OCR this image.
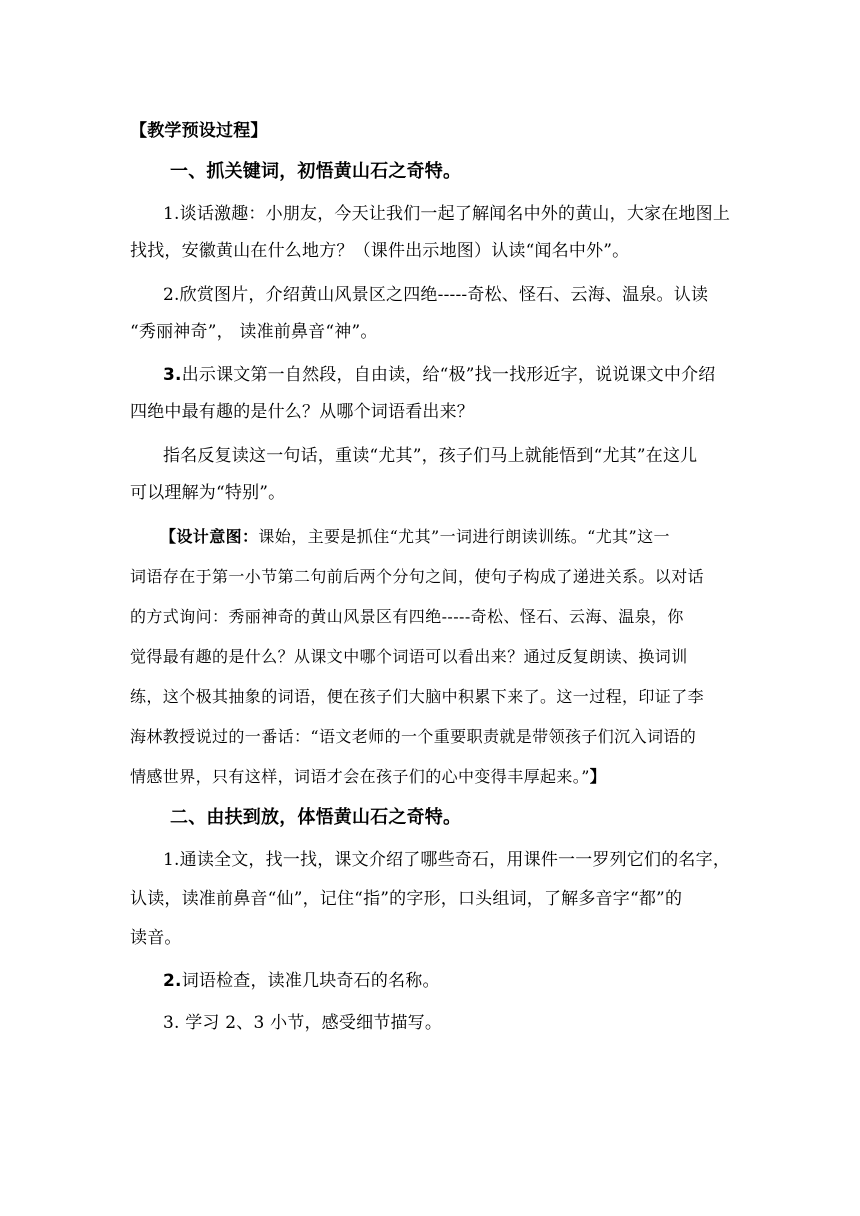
【教学预设过程】
一、抓关键词，初悟黄山石之奇特。
1.谈话激趣：小朋友，今天让我们一起了解闻名中外的黄山，大家在地图上
找找，安徽黄山在什么地方？（课件出示地图）认读“闻名中外”。
2.欣赏图片，介绍黄山风景区之四绝-----奇松、怪石、云海、温泉。认读
“秀丽神奇”， 读准前鼻音“神”。
3.出示课文第一自然段，自由读，给“极”找一找形近字，说说课文中介绍
四绝中最有趣的是什么？从哪个词语看出来？
指名反复读这一句话，重读“尤其”，孩子们马上就能悟到“尤其”在这儿
可以理解为“特别”。
【设计意图：课始，主要是抓住“尤其”一词进行朗读训练。“尤其”这一
词语存在于第一小节第二句前后两个分句之间，使句子构成了递进关系。以对话
的方式询问：秀丽神奇的黄山风景区有四绝-----奇松、怪石、云海、温泉，你
觉得最有趣的是什么？从课文中哪个词语可以看出来？通过反复朗读、换词训
练，这个极其抽象的词语，便在孩子们大脑中积累下来了。这一过程，印证了李
海林教授说过的一番话：“语文老师的一个重要职责就是带领孩子们沉入词语的
情感世界，只有这样，词语才会在孩子们的心中变得丰厚起来。”】
二、由扶到放，体悟黄山石之奇特。
1.通读全文，找一找，课文介绍了哪些奇石，用课件一一罗列它们的名字，
认读，读准前鼻音“仙”，记住“指”的字形，口头组词，了解多音字“都”的
读音。
2.词语检查，读准几块奇石的名称。
3. 学习 2、3 小节，感受细节描写。
